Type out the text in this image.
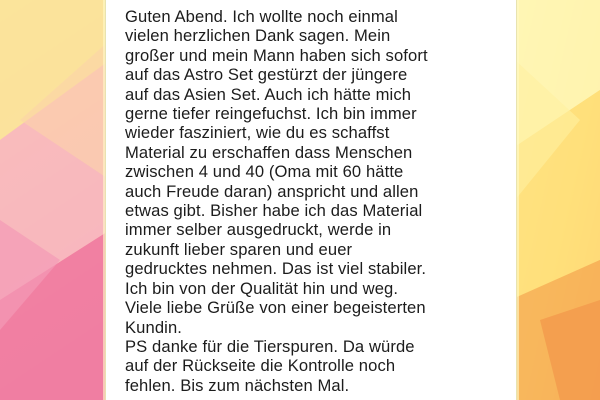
Guten Abend. Ich wollte noch einmal
vielen herzlichen Dank sagen. Mein
großer und mein Mann haben sich sofort
auf das Astro Set gestürzt der jüngere
auf das Asien Set. Auch ich hätte mich
gerne tiefer reingefuchst. Ich bin immer
wieder fasziniert, wie du es schaffst
Material zu erschaffen dass Menschen
zwischen 4 und 40 (Oma mit 60 hätte
auch Freude daran) anspricht und allen
etwas gibt. Bisher habe ich das Material
immer selber ausgedruckt, werde in
zukunft lieber sparen und euer
gedrucktes nehmen. Das ist viel stabiler.
Ich bin von der Qualität hin und weg.
Viele liebe Grüße von einer begeisterten
Kundin.
PS danke für die Tierspuren. Da würde
auf der Rückseite die Kontrolle noch
fehlen. Bis zum nächsten Mal.
